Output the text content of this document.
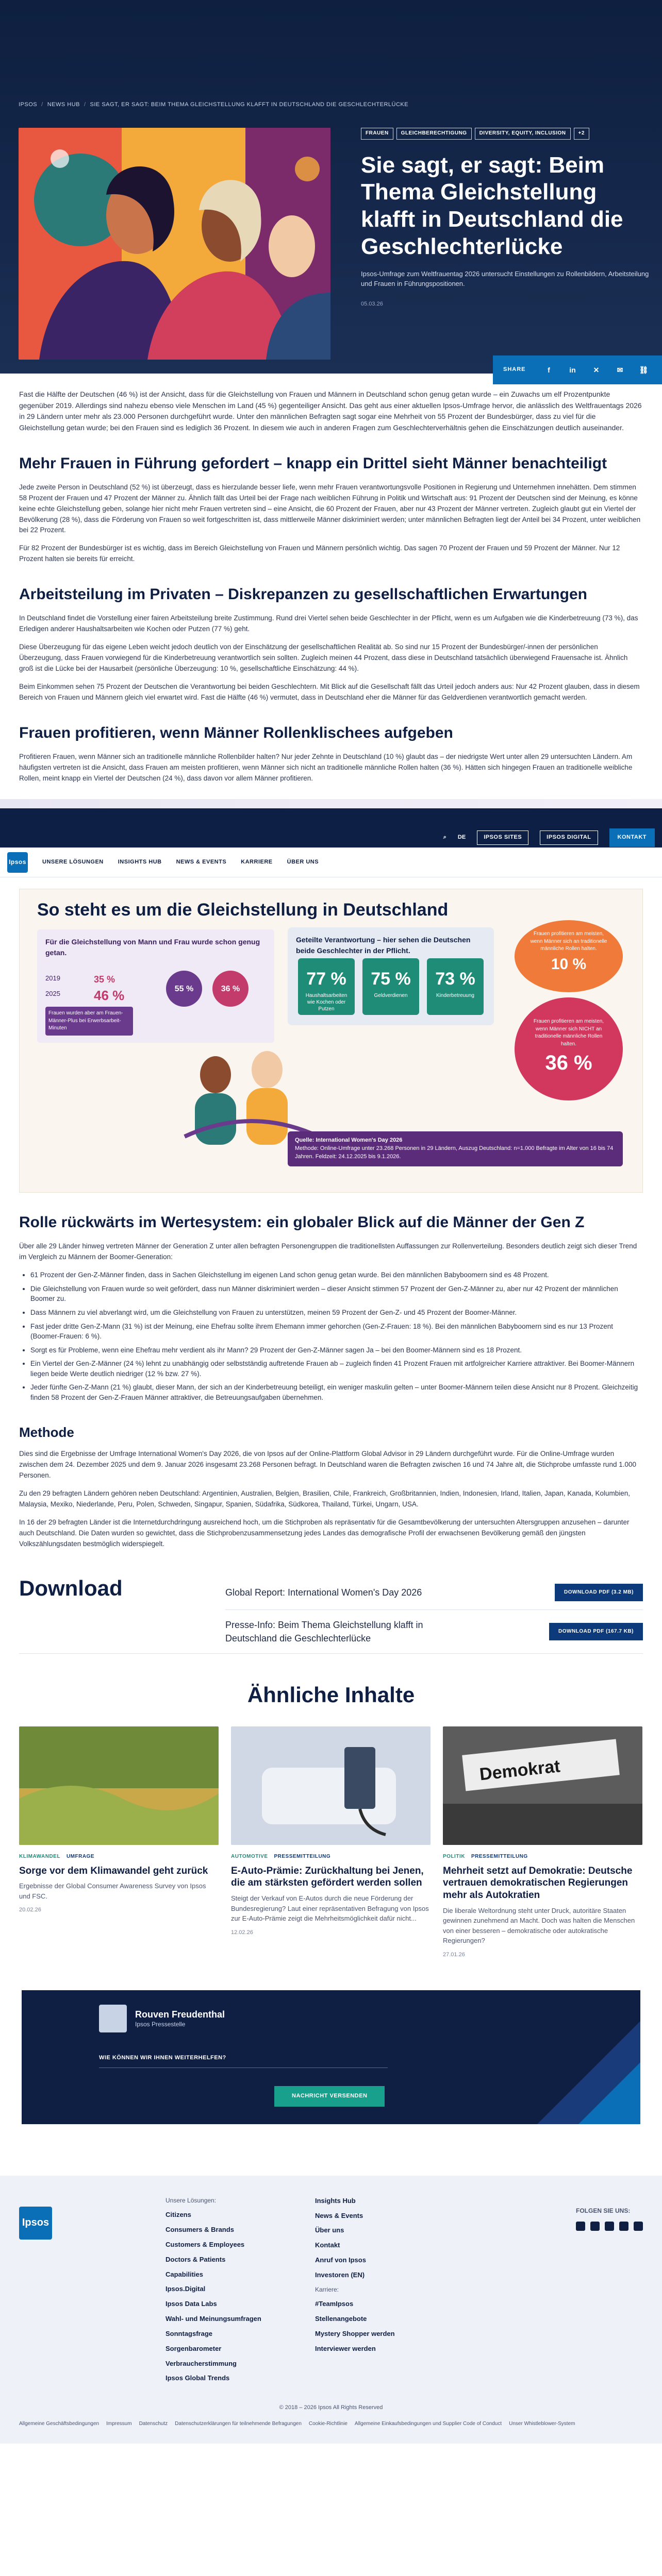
IPSOS / NEWS HUB / SIE SAGT, ER SAGT: BEIM THEMA GLEICHSTELLUNG KLAFFT IN DEUTSCHLAND DIE GESCHLECHTERLÜCKE
FRAUEN	GLEICHBERECHTIGUNG	DIVERSITY, EQUITY, INCLUSION	+2
Sie sagt, er sagt: Beim Thema Gleichstellung klafft in Deutschland die Geschlechterlücke

Ipsos-Umfrage zum Weltfrauentag 2026 untersucht Einstellungen zu Rollenbildern, Arbeitsteilung und Frauen in Führungspositionen.

05.03.26
SHARE	f	in	✕	✉	⛓

Fast die Hälfte der Deutschen (46 %) ist der Ansicht, dass für die Gleichstellung von Frauen und Männern in Deutschland schon genug getan wurde – ein Zuwachs um elf Prozentpunkte gegenüber 2019. Allerdings sind nahezu ebenso viele Menschen im Land (45 %) gegenteiliger Ansicht. Das geht aus einer aktuellen Ipsos-Umfrage hervor, die anlässlich des Weltfrauentags 2026 in 29 Ländern unter mehr als 23.000 Personen durchgeführt wurde. Unter den männlichen Befragten sagt sogar eine Mehrheit von 55 Prozent der Bundesbürger, dass zu viel für die Gleichstellung getan wurde; bei den Frauen sind es lediglich 36 Prozent. In diesem wie auch in anderen Fragen zum Geschlechterverhältnis gehen die Einschätzungen deutlich auseinander.

Mehr Frauen in Führung gefordert – knapp ein Drittel sieht Männer benachteiligt

Jede zweite Person in Deutschland (52 %) ist überzeugt, dass es hierzulande besser liefe, wenn mehr Frauen verantwortungsvolle Positionen in Regierung und Unternehmen innehätten. Dem stimmen 58 Prozent der Frauen und 47 Prozent der Männer zu. Ähnlich fällt das Urteil bei der Frage nach weiblichen Führung in Politik und Wirtschaft aus: 91 Prozent der Deutschen sind der Meinung, es könne keine echte Gleichstellung geben, solange hier nicht mehr Frauen vertreten sind – eine Ansicht, die 60 Prozent der Frauen, aber nur 43 Prozent der Männer vertreten. Zugleich glaubt gut ein Viertel der Bevölkerung (28 %), dass die Förderung von Frauen so weit fortgeschritten ist, dass mittlerweile Männer diskriminiert werden; unter männlichen Befragten liegt der Anteil bei 34 Prozent, unter weiblichen bei 22 Prozent.

Für 82 Prozent der Bundesbürger ist es wichtig, dass im Bereich Gleichstellung von Frauen und Männern persönlich wichtig. Das sagen 70 Prozent der Frauen und 59 Prozent der Männer. Nur 12 Prozent halten sie bereits für erreicht.

Arbeitsteilung im Privaten – Diskrepanzen zu gesellschaftlichen Erwartungen

In Deutschland findet die Vorstellung einer fairen Arbeitsteilung breite Zustimmung. Rund drei Viertel sehen beide Geschlechter in der Pflicht, wenn es um Aufgaben wie die Kinderbetreuung (73 %), das Erledigen anderer Haushaltsarbeiten wie Kochen oder Putzen (77 %) geht.

Diese Überzeugung für das eigene Leben weicht jedoch deutlich von der Einschätzung der gesellschaftlichen Realität ab. So sind nur 15 Prozent der Bundesbürger/-innen der persönlichen Überzeugung, dass Frauen vorwiegend für die Kinderbetreuung verantwortlich sein sollten. Zugleich meinen 44 Prozent, dass diese in Deutschland tatsächlich überwiegend Frauensache ist. Ähnlich groß ist die Lücke bei der Hausarbeit (persönliche Überzeugung: 10 %, gesellschaftliche Einschätzung: 44 %).

Beim Einkommen sehen 75 Prozent der Deutschen die Verantwortung bei beiden Geschlechtern. Mit Blick auf die Gesellschaft fällt das Urteil jedoch anders aus: Nur 42 Prozent glauben, dass in diesem Bereich von Frauen und Männern gleich viel erwartet wird. Fast die Hälfte (46 %) vermutet, dass in Deutschland eher die Männer für das Geldverdienen verantwortlich gemacht werden.

Frauen profitieren, wenn Männer Rollenklischees aufgeben

Profitieren Frauen, wenn Männer sich an traditionelle männliche Rollenbilder halten? Nur jeder Zehnte in Deutschland (10 %) glaubt das – der niedrigste Wert unter allen 29 untersuchten Ländern. Am häufigsten vertreten ist die Ansicht, dass Frauen am meisten profitieren, wenn Männer sich nicht an traditionelle männliche Rollen halten (36 %). Hätten sich hingegen Frauen an traditionelle weibliche Rollen, meint knapp ein Viertel der Deutschen (24 %), dass davon vor allem Männer profitieren.

⌕ DE	IPSOS SITES	IPSOS DIGITAL	KONTAKT
Ipsos	UNSERE LÖSUNGEN	INSIGHTS HUB	NEWS & EVENTS	KARRIERE	ÜBER UNS
So steht es um die Gleichstellung in Deutschland
Für die Gleichstellung von Mann und Frau wurde schon genug getan.
2019	35 %
2025	46 %	55 %	36 %
Frauen wurden aber am Frauen-Männer-Plus bei Erwerbsarbeit-Minuten
Geteilte Verantwortung – hier sehen die Deutschen beide Geschlechter in der Pflicht.
77 %
Haushaltsarbeiten wie Kochen oder Putzen
75 %
Geldverdienen
73 %
Kinderbetreuung
Frauen profitieren am meisten, wenn Männer sich an traditionelle männliche Rollen halten.
10 %
Frauen profitieren am meisten, wenn Männer sich NICHT an traditionelle männliche Rollen halten.
36 %
Quelle: International Women's Day 2026
Methode: Online-Umfrage unter 23.268 Personen in 29 Ländern, Auszug Deutschland: n=1.000 Befragte im Alter von 16 bis 74 Jahren. Feldzeit: 24.12.2025 bis 9.1.2026.
Rolle rückwärts im Wertesystem: ein globaler Blick auf die Männer der Gen Z

Über alle 29 Länder hinweg vertreten Männer der Generation Z unter allen befragten Personengruppen die traditionellsten Auffassungen zur Rollenverteilung. Besonders deutlich zeigt sich dieser Trend im Vergleich zu Männern der Boomer-Generation:

• 61 Prozent der Gen-Z-Männer finden, dass in Sachen Gleichstellung im eigenen Land schon genug getan wurde. Bei den männlichen Babyboomern sind es 48 Prozent.
• Die Gleichstellung von Frauen wurde so weit gefördert, dass nun Männer diskriminiert werden – dieser Ansicht stimmen 57 Prozent der Gen-Z-Männer zu, aber nur 42 Prozent der männlichen Boomer zu.
• Dass Männern zu viel abverlangt wird, um die Gleichstellung von Frauen zu unterstützen, meinen 59 Prozent der Gen-Z- und 45 Prozent der Boomer-Männer.
• Fast jeder dritte Gen-Z-Mann (31 %) ist der Meinung, eine Ehefrau sollte ihrem Ehemann immer gehorchen (Gen-Z-Frauen: 18 %). Bei den männlichen Babyboomern sind es nur 13 Prozent (Boomer-Frauen: 6 %).
• Sorgt es für Probleme, wenn eine Ehefrau mehr verdient als ihr Mann? 29 Prozent der Gen-Z-Männer sagen Ja – bei den Boomer-Männern sind es 18 Prozent.
• Ein Viertel der Gen-Z-Männer (24 %) lehnt zu unabhängig oder selbstständig auftretende Frauen ab – zugleich finden 41 Prozent Frauen mit artfolgreicher Karriere attraktiver. Bei Boomer-Männern liegen beide Werte deutlich niedriger (12 % bzw. 27 %).
• Jeder fünfte Gen-Z-Mann (21 %) glaubt, dieser Mann, der sich an der Kinderbetreuung beteiligt, ein weniger maskulin gelten – unter Boomer-Männern teilen diese Ansicht nur 8 Prozent. Gleichzeitig finden 58 Prozent der Gen-Z-Frauen Männer attraktiver, die Betreuungsaufgaben übernehmen.
Methode

Dies sind die Ergebnisse der Umfrage International Women's Day 2026, die von Ipsos auf der Online-Plattform Global Advisor in 29 Ländern durchgeführt wurde. Für die Online-Umfrage wurden zwischen dem 24. Dezember 2025 und dem 9. Januar 2026 insgesamt 23.268 Personen befragt. In Deutschland waren die Befragten zwischen 16 und 74 Jahre alt, die Stichprobe umfasste rund 1.000 Personen.

Zu den 29 befragten Ländern gehören neben Deutschland: Argentinien, Australien, Belgien, Brasilien, Chile, Frankreich, Großbritannien, Indien, Indonesien, Irland, Italien, Japan, Kanada, Kolumbien, Malaysia, Mexiko, Niederlande, Peru, Polen, Schweden, Singapur, Spanien, Südafrika, Südkorea, Thailand, Türkei, Ungarn, USA.

In 16 der 29 befragten Länder ist die Internetdurchdringung ausreichend hoch, um die Stichproben als repräsentativ für die Gesamtbevölkerung der untersuchten Altersgruppen anzusehen – darunter auch Deutschland. Die Daten wurden so gewichtet, dass die Stichprobenzusammensetzung jedes Landes das demografische Profil der erwachsenen Bevölkerung gemäß den jüngsten Volkszählungsdaten bestmöglich widerspiegelt.

Download	Global Report: International Women's Day 2026	DOWNLOAD PDF (3.2 MB)
Presse-Info: Beim Thema Gleichstellung klafft in Deutschland die Geschlechterlücke
DOWNLOAD PDF (167.7 KB)
Ähnliche Inhalte
KLIMAWANDEL UMFRAGE
Sorge vor dem Klimawandel geht zurück

Ergebnisse der Global Consumer Awareness Survey von Ipsos und FSC.

20.02.26
AUTOMOTIVE PRESSEMITTEILUNG
E-Auto-Prämie: Zurückhaltung bei Jenen, die am stärksten gefördert werden sollen

Steigt der Verkauf von E-Autos durch die neue Förderung der Bundesregierung? Laut einer repräsentativen Befragung von Ipsos zur E-Auto-Prämie zeigt die Mehrheitsmöglichkeit dafür nicht...

12.02.26
Demokrat
POLITIK PRESSEMITTEILUNG
Mehrheit setzt auf Demokratie: Deutsche vertrauen demokratischen Regierungen mehr als Autokratien

Die liberale Weltordnung steht unter Druck, autoritäre Staaten gewinnen zunehmend an Macht. Doch was halten die Menschen von einer besseren – demokratische oder autokratische Regierungen?

27.01.26
Rouven Freudenthal
Ipsos Pressestelle
WIE KÖNNEN WIR IHNEN WEITERHELFEN?
NACHRICHT VERSENDEN
Ipsos
Unsere Lösungen:
Citizens
Consumers & Brands
Customers & Employees
Doctors & Patients
Capabilities
Ipsos.Digital
Ipsos Data Labs
Wahl- und Meinungsumfragen
Sonntagsfrage
Sorgenbarometer
Verbraucherstimmung
Ipsos Global Trends
Insights Hub
News & Events
Über uns
Kontakt
Anruf von Ipsos
Investoren (EN)
Karriere:
#TeamIpsos
Stellenangebote
Mystery Shopper werden
Interviewer werden
FOLGEN SIE UNS:
© 2018 – 2026 Ipsos All Rights Reserved
Allgemeine Geschäftsbedingungen Impressum Datenschutz Datenschutzerklärungen für teilnehmende Befragungen Cookie-Richtlinie Allgemeine Einkaufsbedingungen und Supplier Code of Conduct Unser Whistleblower-System
